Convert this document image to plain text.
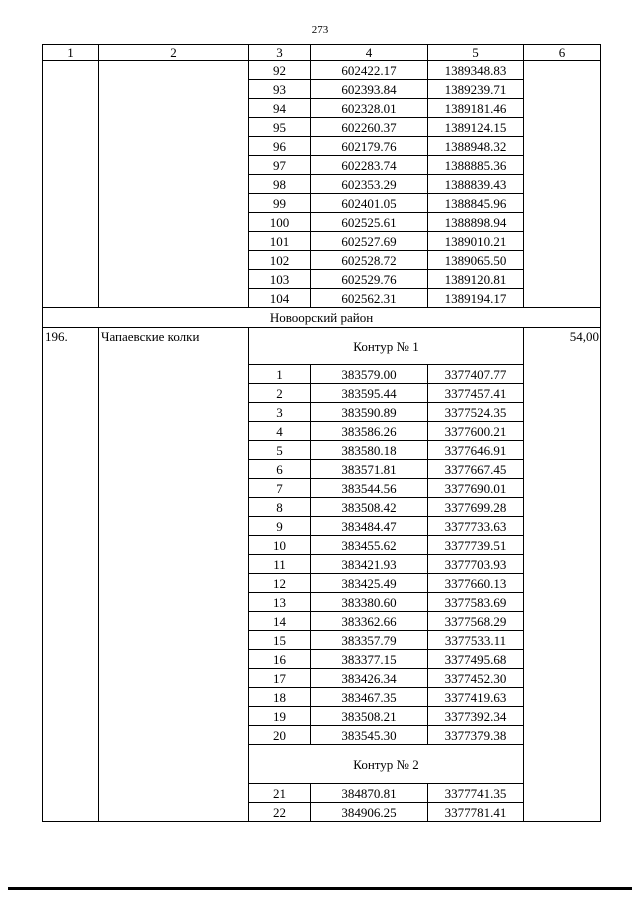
273
1	2	3	4	5	6
		92	602422.17	1389348.83	
		93	602393.84	1389239.71	
		94	602328.01	1389181.46	
		95	602260.37	1389124.15	
		96	602179.76	1388948.32	
		97	602283.74	1388885.36	
		98	602353.29	1388839.43	
		99	602401.05	1388845.96	
		100	602525.61	1388898.94	
		101	602527.69	1389010.21	
		102	602528.72	1389065.50	
		103	602529.76	1389120.81	
		104	602562.31	1389194.17	
Новоорский район					
196.	Чапаевские колки	Контур № 1			54,00
		1	383579.00	3377407.77	
		2	383595.44	3377457.41	
		3	383590.89	3377524.35	
		4	383586.26	3377600.21	
		5	383580.18	3377646.91	
		6	383571.81	3377667.45	
		7	383544.56	3377690.01	
		8	383508.42	3377699.28	
		9	383484.47	3377733.63	
		10	383455.62	3377739.51	
		11	383421.93	3377703.93	
		12	383425.49	3377660.13	
		13	383380.60	3377583.69	
		14	383362.66	3377568.29	
		15	383357.79	3377533.11	
		16	383377.15	3377495.68	
		17	383426.34	3377452.30	
		18	383467.35	3377419.63	
		19	383508.21	3377392.34	
		20	383545.30	3377379.38	
		Контур № 2			
		21	384870.81	3377741.35	
		22	384906.25	3377781.41	
